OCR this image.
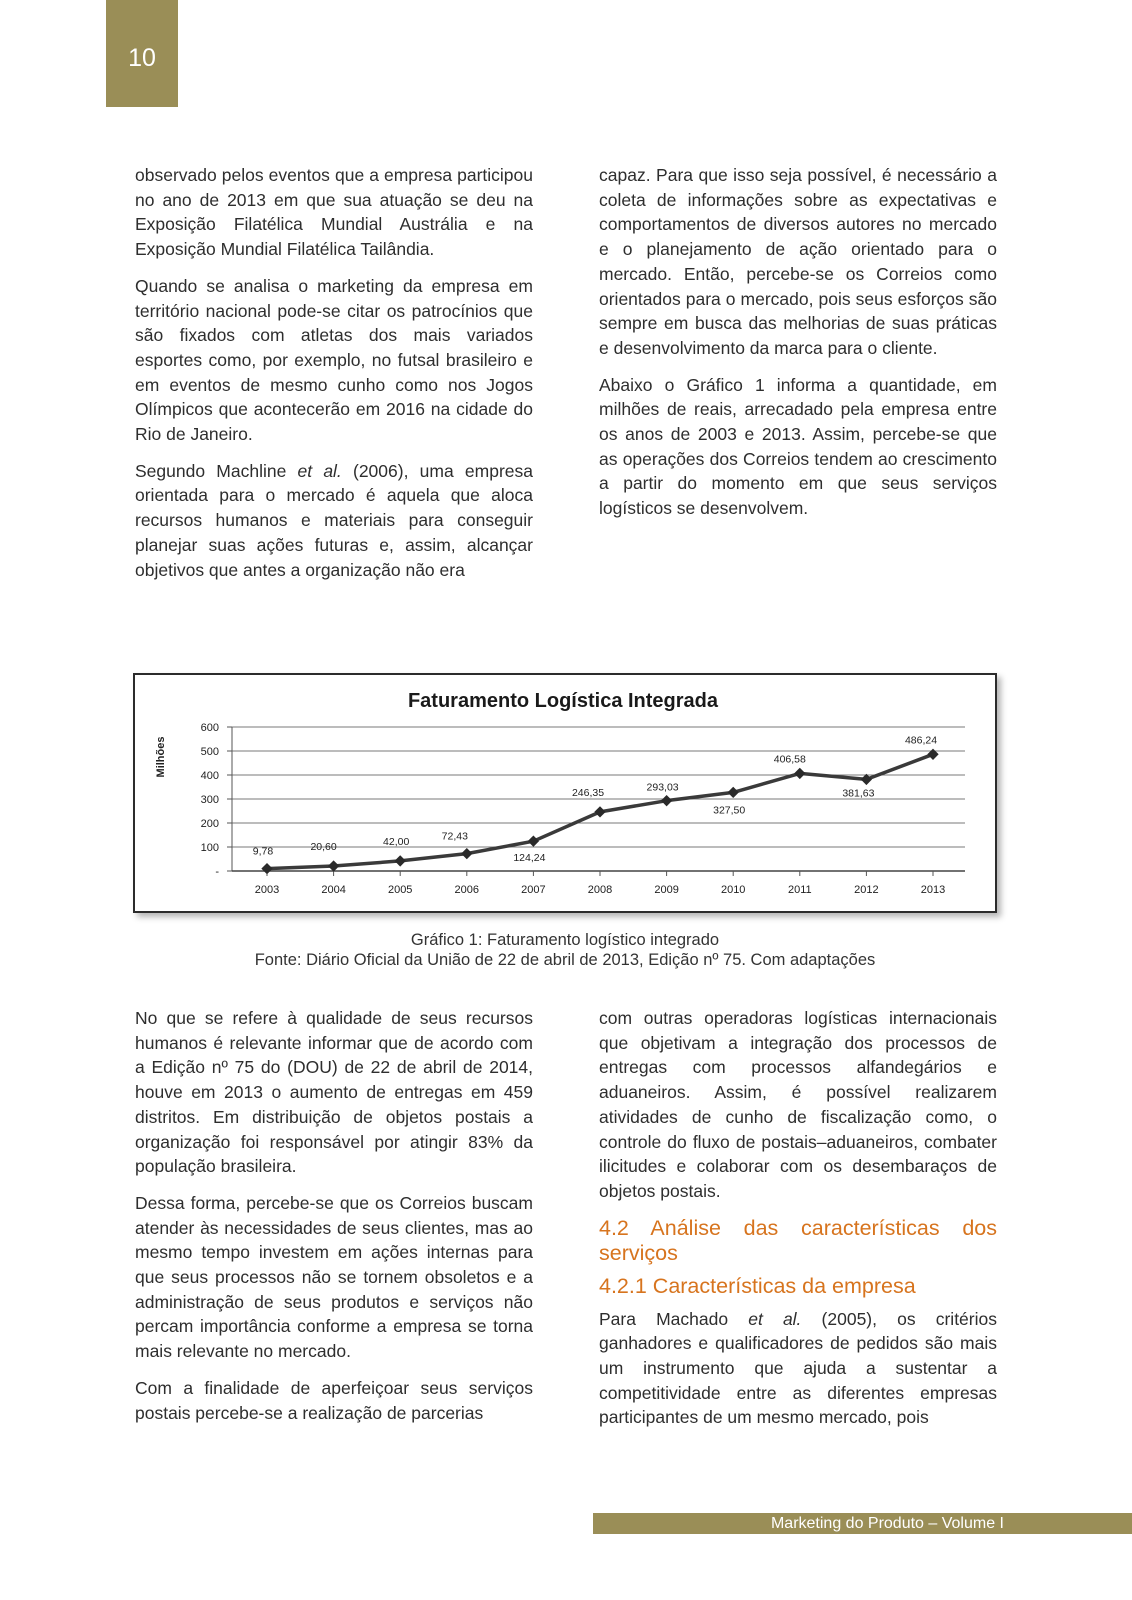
10

observado pelos eventos que a empresa participou no ano de 2013 em que sua atuação se deu na Exposição Filatélica Mundial Austrália e na Exposição Mundial Filatélica Tailândia.

Quando se analisa o marketing da empresa em território nacional pode-se citar os patrocínios que são fixados com atletas dos mais variados esportes como, por exemplo, no futsal brasileiro e em eventos de mesmo cunho como nos Jogos Olímpicos que acontecerão em 2016 na cidade do Rio de Janeiro.

Segundo Machline et al. (2006), uma empresa orientada para o mercado é aquela que aloca recursos humanos e materiais para conseguir planejar suas ações futuras e, assim, alcançar objetivos que antes a organização não era

capaz. Para que isso seja possível, é necessário a coleta de informações sobre as expectativas e comportamentos de diversos autores no mercado e o planejamento de ação orientado para o mercado. Então, percebe-se os Correios como orientados para o mercado, pois seus esforços são sempre em busca das melhorias de suas práticas e desenvolvimento da marca para o cliente.

Abaixo o Gráfico 1 informa a quantidade, em milhões de reais, arrecadado pela empresa entre os anos de 2003 e 2013. Assim, percebe-se que as operações dos Correios tendem ao crescimento a partir do momento em que seus serviços logísticos se desenvolvem.

Faturamento Logística Integrada
Milhões
-
100
200
300
400
500
600
2003	2004	2005	2006	2007	2008	2009	2010	2011	2012	2013
9,78	20,60	42,00	72,43
124,24
246,35	293,03
327,50
406,58
381,63
486,24
Gráfico 1: Faturamento logístico integrado
Fonte: Diário Oficial da União de 22 de abril de 2013, Edição nº 75. Com adaptações

No que se refere à qualidade de seus recursos humanos é relevante informar que de acordo com a Edição nº 75 do (DOU) de 22 de abril de 2014, houve em 2013 o aumento de entregas em 459 distritos. Em distribuição de objetos postais a organização foi responsável por atingir 83% da população brasileira.

Dessa forma, percebe-se que os Correios buscam atender às necessidades de seus clientes, mas ao mesmo tempo investem em ações internas para que seus processos não se tornem obsoletos e a administração de seus produtos e serviços não percam importância conforme a empresa se torna mais relevante no mercado.

Com a finalidade de aperfeiçoar seus serviços postais percebe-se a realização de parcerias

com outras operadoras logísticas internacionais que objetivam a integração dos processos de entregas com processos alfandegários e aduaneiros. Assim, é possível realizarem atividades de cunho de fiscalização como, o controle do fluxo de postais–aduaneiros, combater ilicitudes e colaborar com os desembaraços de objetos postais.

4.2 Análise das características dos serviços
4.2.1 Características da empresa

Para Machado et al. (2005), os critérios ganhadores e qualificadores de pedidos são mais um instrumento que ajuda a sustentar a competitividade entre as diferentes empresas participantes de um mesmo mercado, pois

Marketing do Produto – Volume I
